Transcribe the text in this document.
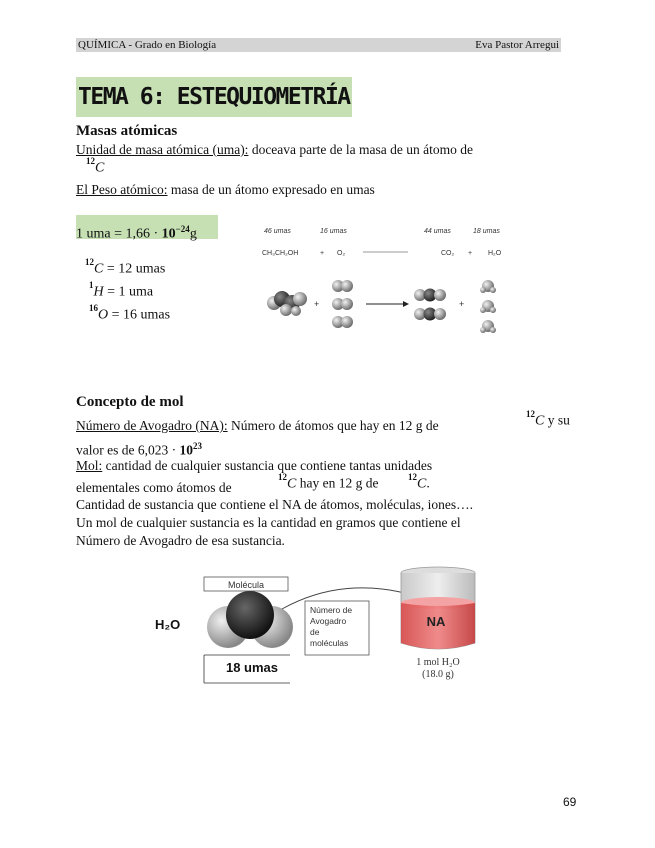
QUÍMICA - Grado en Biología	Eva Pastor Arregui
TEMA 6: ESTEQUIOMETRÍA
Masas atómicas
Unidad de masa atómica (uma): doceava parte de la masa de un átomo de
$^{12}$C
El Peso atómico: masa de un átomo expresado en umas
1 uma = $1,66 \cdot 10^{-24}g$
$^{12}$C = 12 umas
$^1$H = 1 uma
$^{16}$O = 16 umas
46 umas	16 umas	44 umas	18 umas
CH₃CH₂OH	+ O₂	CO₂ + H₂O
+	+
Concepto de mol
Número de Avogadro (NA): Número de átomos que hay en 12 g de
$^{12}$C y su
valor es de $6,023 \cdot 10^{23}$
Mol: cantidad de cualquier sustancia que contiene tantas unidades
elementales como átomos de
$^{12}$C hay en 12 g de	$^{12}$C.
Cantidad de sustancia que contiene el NA de átomos, moléculas, iones….
Un mol de cualquier sustancia es la cantidad en gramos que contiene el
Número de Avogadro de esa sustancia.
H₂O
Molécula
18 umas
Número de
Avogadro
de
moléculas
NA
1 mol H₂O
(18.0 g)
69
